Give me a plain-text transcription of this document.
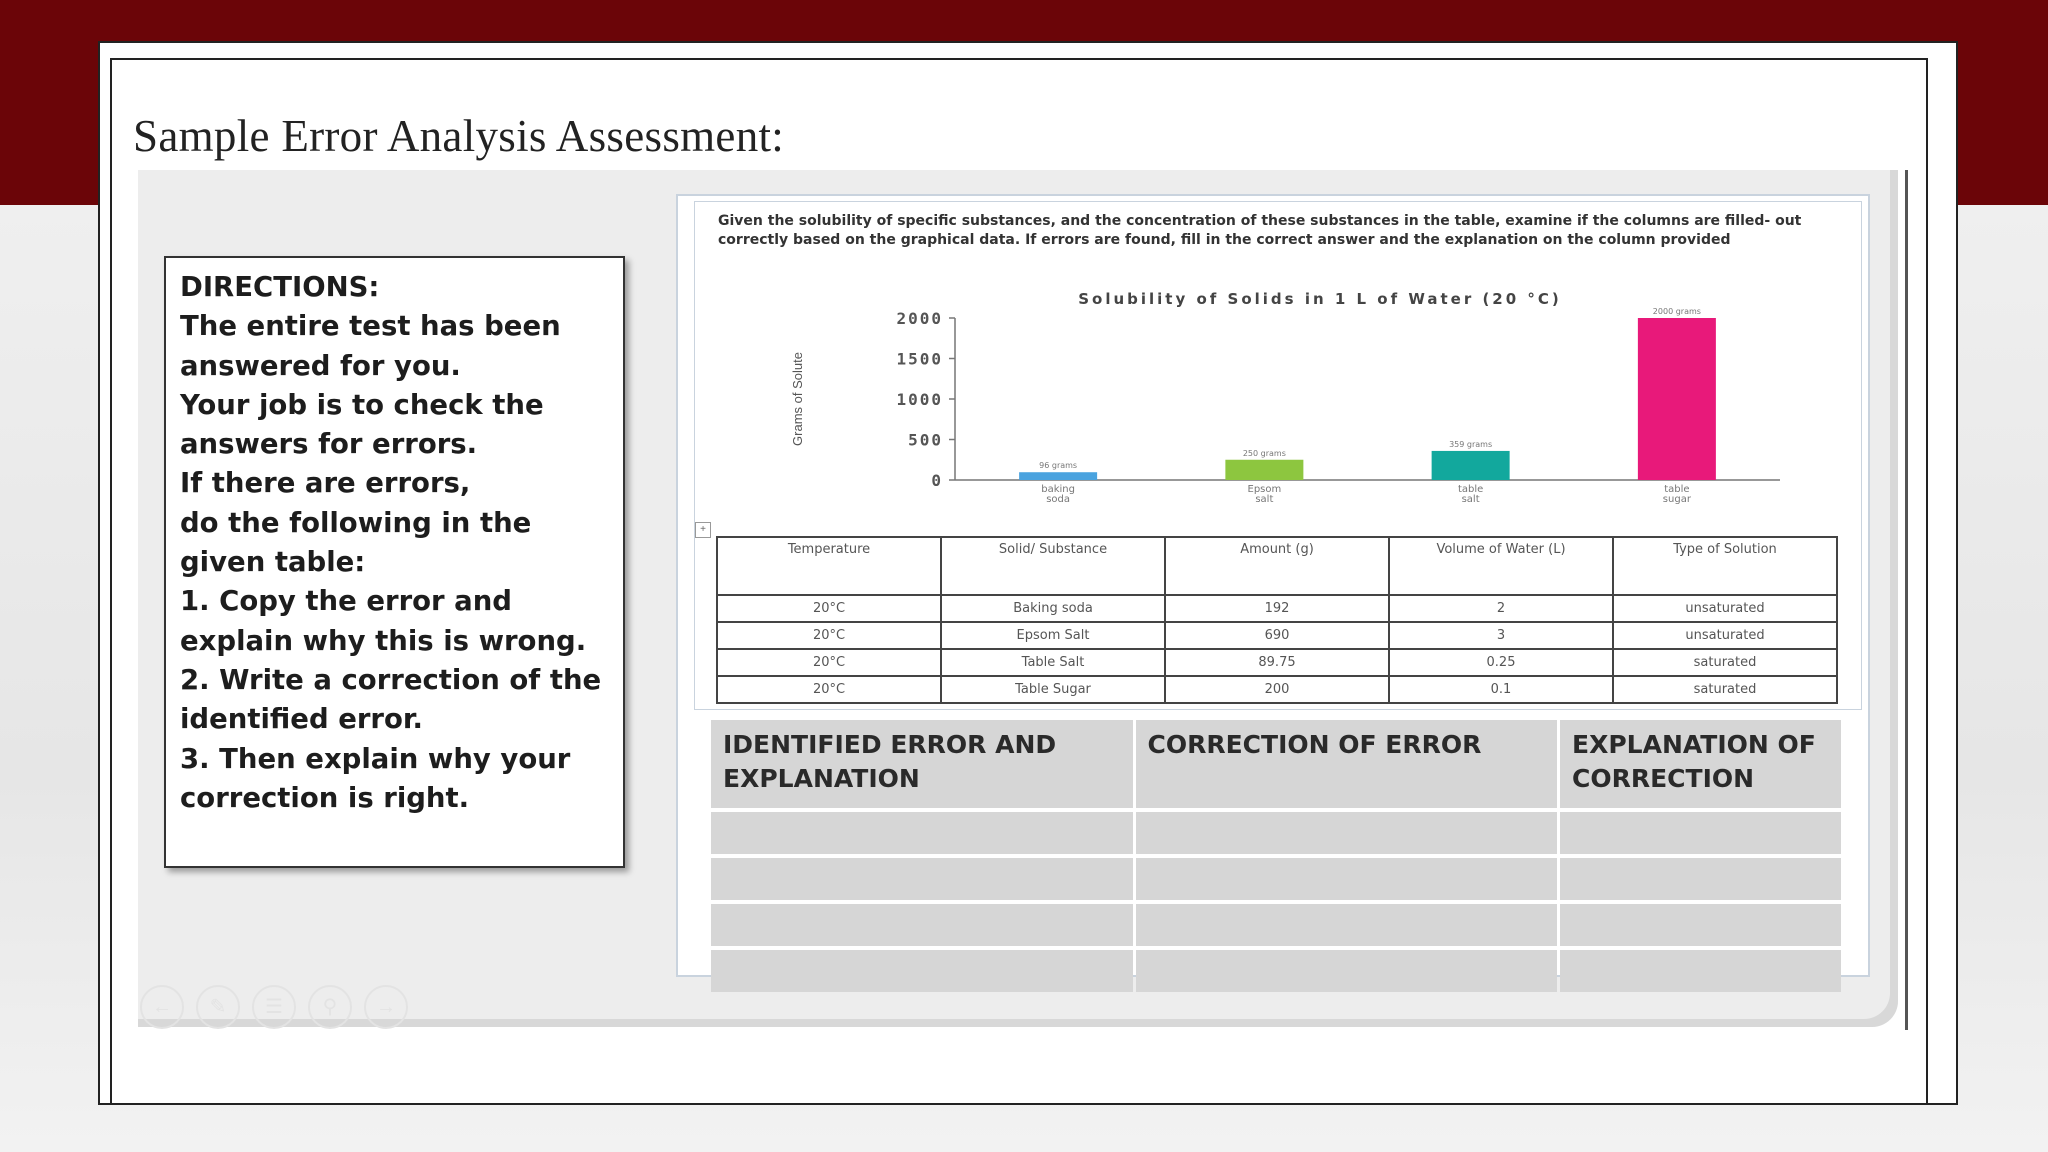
Sample Error Analysis Assessment:

DIRECTIONS:

The entire test has been

answered for you.

Your job is to check the

answers for errors.

If there are errors,

do the following in the

given table:

1. Copy the error and

explain why this is wrong.

2. Write a correction of the

identified error.

3. Then explain why your

correction is right.

Given the solubility of specific substances, and the concentration of these substances in the table, examine if the columns are filled- out correctly based on the graphical data. If errors are found, fill in the correct answer and the explanation on the column provided

Solubility of Solids in 1 L of Water (20 °C)

0
500
1000
1500
2000
Grams of Solute
96 grams
baking
soda
250 grams
Epsom
salt
359 grams
table
salt
2000 grams
table
sugar
+
Temperature	Solid/ Substance	Amount (g)	Volume of Water (L)	Type of Solution
20°C	Baking soda	192	2	unsaturated
20°C	Epsom Salt	690	3	unsaturated
20°C	Table Salt	89.75	0.25	saturated
20°C	Table Sugar	200	0.1	saturated
IDENTIFIED ERROR AND EXPLANATION	CORRECTION OF ERROR	EXPLANATION OF CORRECTION

←	✎	☰	⚲	→
